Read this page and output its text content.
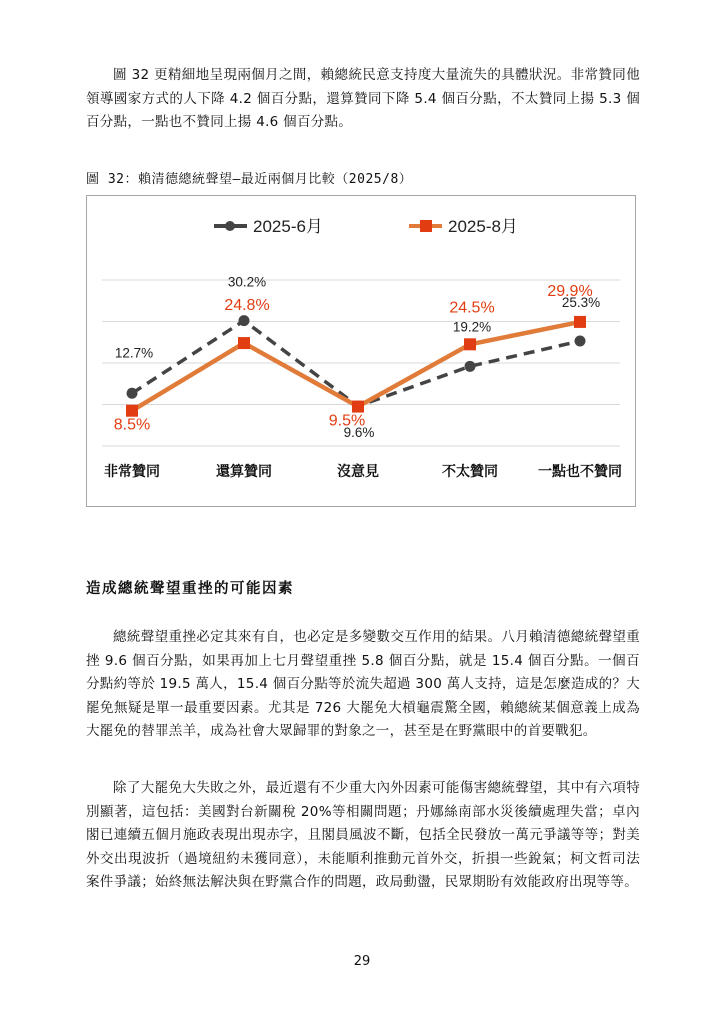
圖 32 更精細地呈現兩個月之間，賴總統民意支持度大量流失的具體狀況。非常贊同他領導國家方式的人下降 4.2 個百分點，還算贊同下降 5.4 個百分點，不太贊同上揚 5.3 個百分點，一點也不贊同上揚 4.6 個百分點。

圖 32：賴清德總統聲望—最近兩個月比較（2025/8）
2025-6月	2025-8月
12.7%
30.2%
9.6%
19.2%
25.3%
8.5%
24.8%
9.5%
24.5%
29.9%
非常贊同	還算贊同	沒意見	不太贊同	一點也不贊同
造成總統聲望重挫的可能因素

總統聲望重挫必定其來有自，也必定是多變數交互作用的結果。八月賴清德總統聲望重挫 9.6 個百分點，如果再加上七月聲望重挫 5.8 個百分點，就是 15.4 個百分點。一個百分點約等於 19.5 萬人，15.4 個百分點等於流失超過 300 萬人支持，這是怎麼造成的？大罷免無疑是單一最重要因素。尤其是 726 大罷免大槓龜震驚全國，賴總統某個意義上成為大罷免的替罪羔羊，成為社會大眾歸罪的對象之一，甚至是在野黨眼中的首要戰犯。

除了大罷免大失敗之外，最近還有不少重大內外因素可能傷害總統聲望，其中有六項特別顯著，這包括：美國對台新關稅 20%等相關問題；丹娜絲南部水災後續處理失當；卓內閣已連續五個月施政表現出現赤字，且閣員風波不斷，包括全民發放一萬元爭議等等；對美外交出現波折（過境紐約未獲同意），未能順利推動元首外交，折損一些銳氣；柯文哲司法案件爭議；始終無法解決與在野黨合作的問題，政局動盪，民眾期盼有效能政府出現等等。

29
